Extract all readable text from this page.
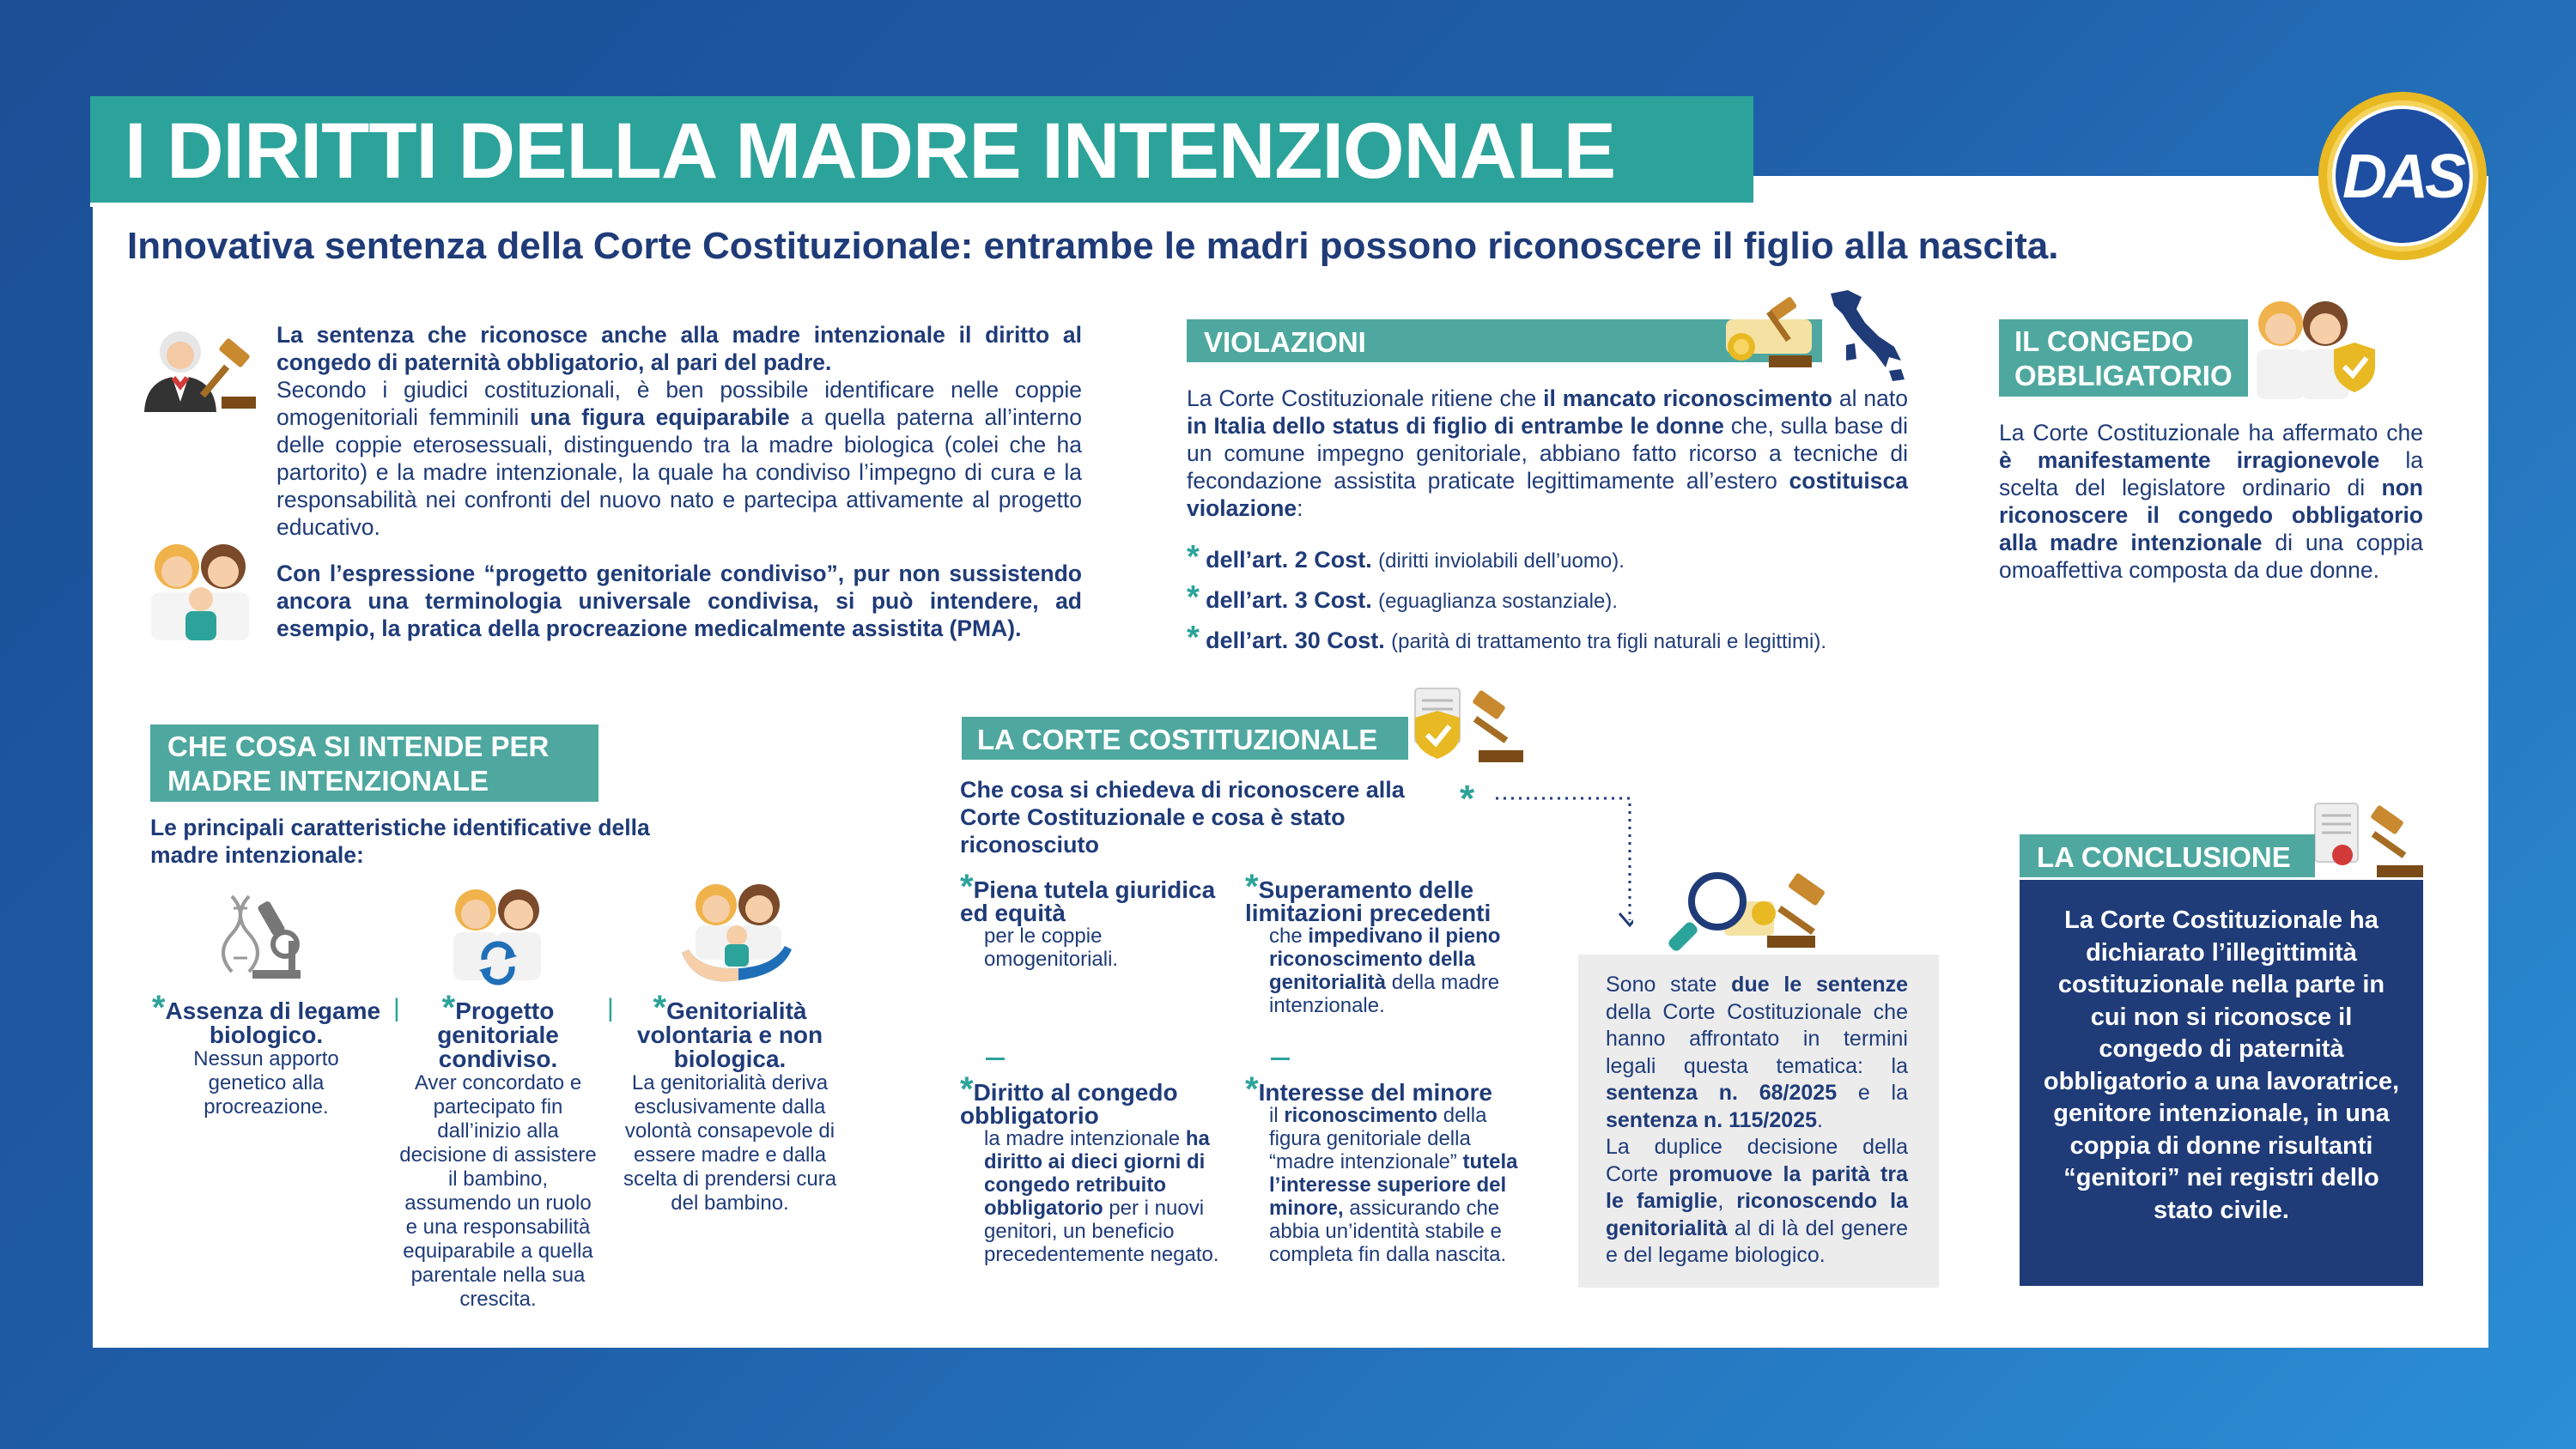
I DIRITTI DELLA MADRE INTENZIONALE	DAS
Innovativa sentenza della Corte Costituzionale: entrambe le madri possono riconoscere il figlio alla nascita.
La sentenza che riconosce anche alla madre intenzionale il diritto al congedo di paternità obbligatorio, al pari del padre.
Secondo i giudici costituzionali, è ben possibile identificare nelle coppie omogenitoriali femminili una figura equiparabile a quella paterna all’interno delle coppie eterosessuali, distinguendo tra la madre biologica (colei che ha partorito) e la madre intenzionale, la quale ha condiviso l’impegno di cura e la responsabilità nei confronti del nuovo nato e partecipa attivamente al progetto educativo.
Con l’espressione “progetto genitoriale condiviso”, pur non sussistendo ancora una terminologia universale condivisa, si può intendere, ad esempio, la pratica della procreazione medicalmente assistita (PMA).
VIOLAZIONI
La Corte Costituzionale ritiene che il mancato riconoscimento al nato in Italia dello status di figlio di entrambe le donne che, sulla base di un comune impegno genitoriale, abbiano fatto ricorso a tecniche di fecondazione assistita praticate legittimamente all’estero costituisca violazione:
* dell’art. 2 Cost. (diritti inviolabili dell’uomo).
* dell’art. 3 Cost. (eguaglianza sostanziale).
* dell’art. 30 Cost. (parità di trattamento tra figli naturali e legittimi).
IL CONGEDO
OBBLIGATORIO
La Corte Costituzionale ha affermato che è manifestamente irragionevole la scelta del legislatore ordinario di non riconoscere il congedo obbligatorio alla madre intenzionale di una coppia omoaffettiva composta da due donne.
CHE COSA SI INTENDE PER
MADRE INTENZIONALE
Le principali caratteristiche identificative della madre intenzionale:
*Assenza di legame biologico.
Nessun apporto genetico alla procreazione.
|	*Progetto genitoriale condiviso.
Aver concordato e partecipato fin dall’inizio alla decisione di assistere il bambino, assumendo un ruolo e una responsabilità equiparabile a quella parentale nella sua crescita.
|	*Genitorialità volontaria e non biologica.
La genitorialità deriva esclusivamente dalla volontà consapevole di essere madre e dalla scelta di prendersi cura del bambino.
LA CORTE COSTITUZIONALE
Che cosa si chiedeva di riconoscere alla Corte Costituzionale e cosa è stato riconosciuto
*
*Piena tutela giuridica ed equità
per le coppie omogenitoriali.
*Superamento delle limitazioni precedenti
che impedivano il pieno riconoscimento della genitorialità della madre intenzionale.
*Diritto al congedo obbligatorio
la madre intenzionale ha diritto ai dieci giorni di congedo retribuito obbligatorio per i nuovi genitori, un beneficio precedentemente negato.
*Interesse del minore
il riconoscimento della figura genitoriale della “madre intenzionale” tutela l’interesse superiore del minore, assicurando che abbia un’identità stabile e completa fin dalla nascita.
Sono state due le sentenze della Corte Costituzionale che hanno affrontato in termini legali questa tematica: la sentenza n. 68/2025 e la sentenza n. 115/2025.
La duplice decisione della Corte promuove la parità tra le famiglie, riconoscendo la genitorialità al di là del genere e del legame biologico.
LA CONCLUSIONE
La Corte Costituzionale ha dichiarato l’illegittimità costituzionale nella parte in cui non si riconosce il congedo di paternità obbligatorio a una lavoratrice, genitore intenzionale, in una coppia di donne risultanti “genitori” nei registri dello stato civile.
